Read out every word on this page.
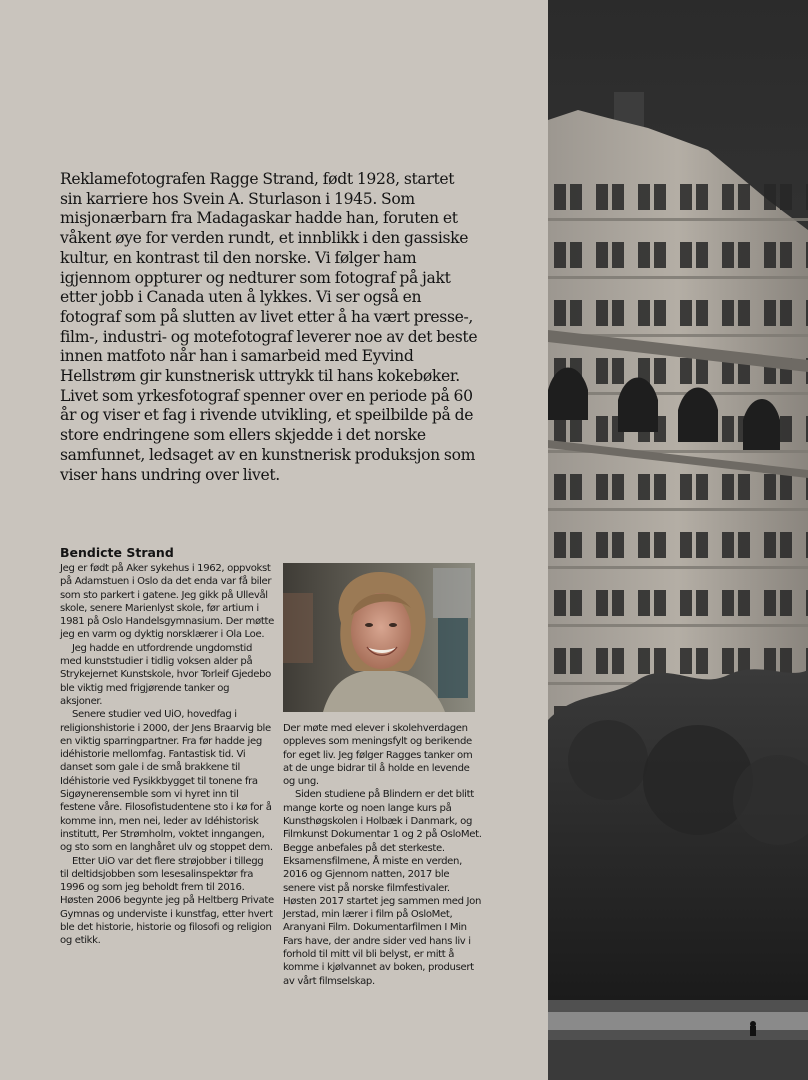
Reklamefotografen Ragge Strand, født 1928, startet sin karriere hos Svein A. Sturlason i 1945. Som misjonærbarn fra Madagaskar hadde han, foruten et våkent øye for verden rundt, et innblikk i den gassiske kultur, en kontrast til den norske. Vi følger ham igjennom oppturer og nedturer som fotograf på jakt etter jobb i Canada uten å lykkes. Vi ser også en fotograf som på slutten av livet etter å ha vært presse-, film-, industri- og motefotograf leverer noe av det beste innen matfoto når han i samarbeid med Eyvind Hellstrøm gir kunstnerisk uttrykk til hans kokebøker. Livet som yrkesfotograf spenner over en periode på 60 år og viser et fag i rivende utvikling, et speilbilde på de store endringene som ellers skjedde i det norske samfunnet, ledsaget av en kunstnerisk produksjon som viser hans undring over livet.

Bendicte Strand

Jeg er født på Aker sykehus i 1962, oppvokst på Adamstuen i Oslo da det enda var få biler som sto parkert i gatene. Jeg gikk på Ullevål skole, senere Marienlyst skole, før artium i 1981 på Oslo Handelsgymnasium. Der møtte jeg en varm og dyktig norsklærer i Ola Loe.

Jeg hadde en utfordrende ungdomstid med kunststudier i tidlig voksen alder på Strykejernet Kunstskole, hvor Torleif Gjedebo ble viktig med frigjørende tanker og aksjoner.

Senere studier ved UiO, hovedfag i religionshistorie i 2000, der Jens Braarvig ble en viktig sparringpartner. Fra før hadde jeg idéhistorie mellomfag. Fantastisk tid. Vi danset som gale i de små brakkene til Idéhistorie ved Fysikkbygget til tonene fra Sigøynerensemble som vi hyret inn til festene våre. Filosofistudentene sto i kø for å komme inn, men nei, leder av Idéhistorisk institutt, Per Strømholm, voktet inngangen, og sto som en langhåret ulv og stoppet dem.

Etter UiO var det flere strøjobber i tillegg til deltidsjobben som lesesalinspektør fra 1996 og som jeg beholdt frem til 2016. Høsten 2006 begynte jeg på Heltberg Private Gymnas og underviste i kunstfag, etter hvert ble det historie, historie og filosofi og religion og etikk.

Der møte med elever i skolehverdagen oppleves som meningsfylt og berikende for eget liv. Jeg følger Ragges tanker om at de unge bidrar til å holde en levende og ung.

Siden studiene på Blindern er det blitt mange korte og noen lange kurs på Kunsthøgskolen i Holbæk i Danmark, og Filmkunst Dokumentar 1 og 2 på OsloMet. Begge anbefales på det sterkeste. Eksamensfilmene, Å miste en verden, 2016 og Gjennom natten, 2017 ble senere vist på norske filmfestivaler. Høsten 2017 startet jeg sammen med Jon Jerstad, min lærer i film på OsloMet, Aranyani Film. Dokumentarfilmen I Min Fars have, der andre sider ved hans liv i forhold til mitt vil bli belyst, er mitt å komme i kjølvannet av boken, produsert av vårt filmselskap.
